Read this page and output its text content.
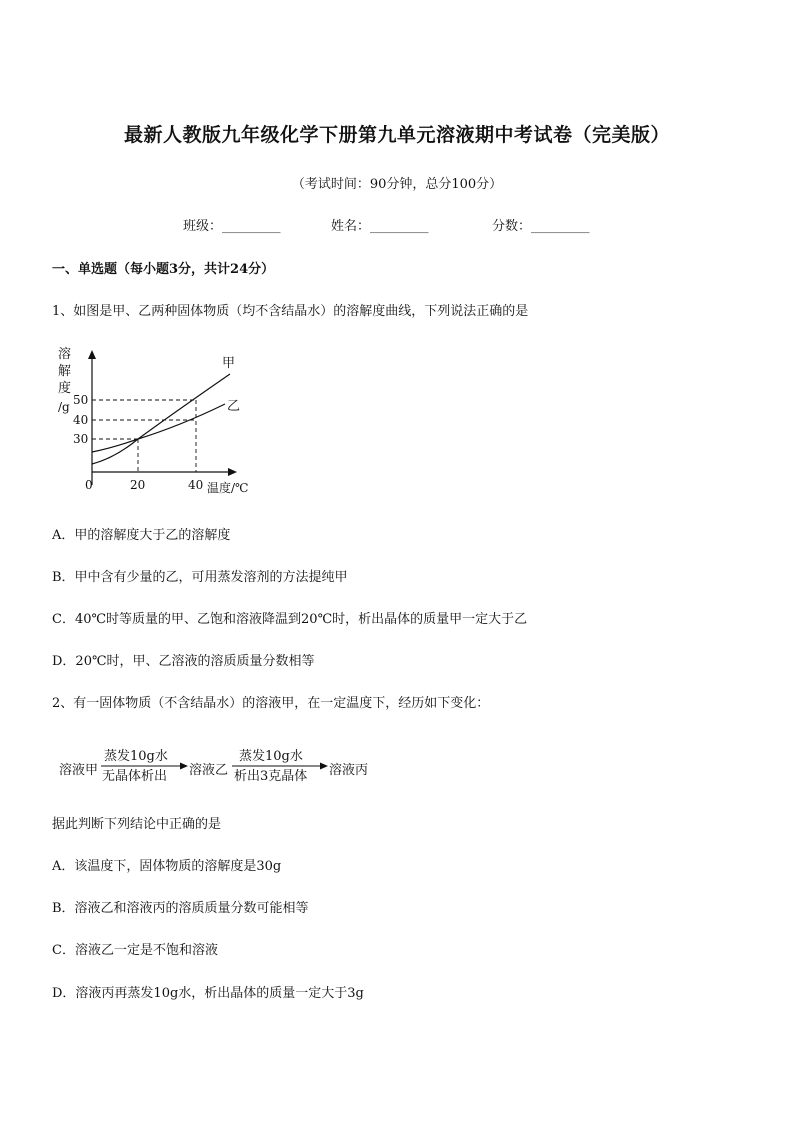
最新人教版九年级化学下册第九单元溶液期中考试卷（完美版）
（考试时间：90分钟，总分100分）
班级：_________	姓名：_________	分数：_________
一、单选题（每小题3分，共计24分）
1、如图是甲、乙两种固体物质（均不含结晶水）的溶解度曲线，下列说法正确的是
溶
解
度
/g 50
40
30
0	20	40 温度/℃
甲
乙
A．甲的溶解度大于乙的溶解度
B．甲中含有少量的乙，可用蒸发溶剂的方法提纯甲
C．40℃时等质量的甲、乙饱和溶液降温到20℃时，析出晶体的质量甲一定大于乙
D．20℃时，甲、乙溶液的溶质质量分数相等
2、有一固体物质（不含结晶水）的溶液甲，在一定温度下，经历如下变化：
溶液甲
蒸发10g水
无晶体析出 溶液乙
蒸发10g水
析出3克晶体 溶液丙
据此判断下列结论中正确的是
A．该温度下，固体物质的溶解度是30g
B．溶液乙和溶液丙的溶质质量分数可能相等
C．溶液乙一定是不饱和溶液
D．溶液丙再蒸发10g水，析出晶体的质量一定大于3g
